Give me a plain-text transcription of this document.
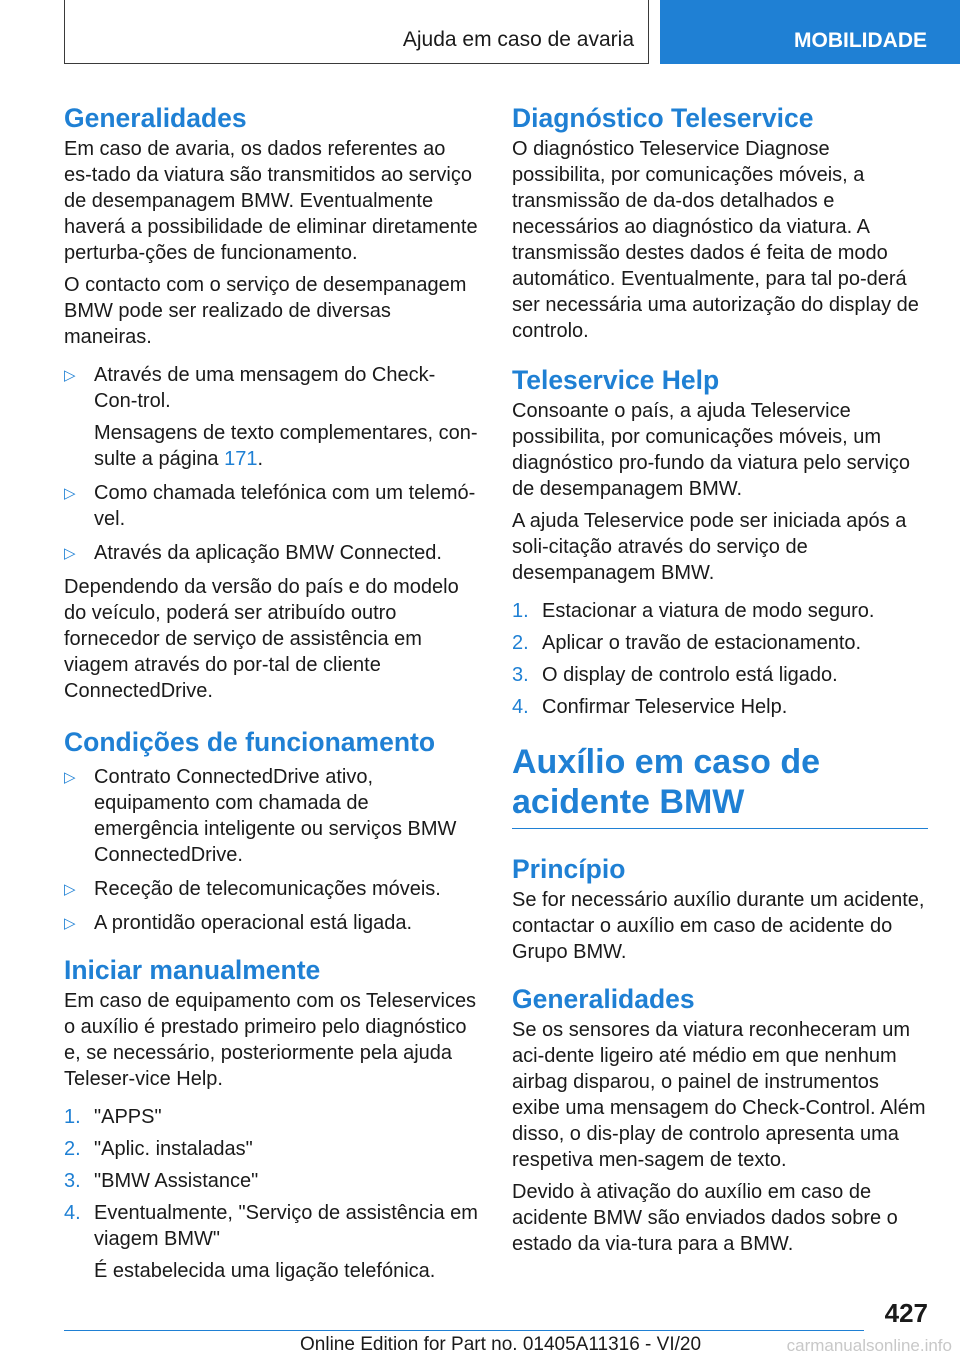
Ajuda em caso de avaria	MOBILIDADE
Generalidades

Em caso de avaria, os dados referentes ao es-tado da viatura são transmitidos ao serviço de desempanagem BMW. Eventualmente haverá a possibilidade de eliminar diretamente perturba-ções de funcionamento.

O contacto com o serviço de desempanagem BMW pode ser realizado de diversas maneiras.

▷ Através de uma mensagem do Check-Con-trol.
Mensagens de texto complementares, con-sulte a página 171.
▷ Como chamada telefónica com um telemó-vel.
▷ Através da aplicação BMW Connected.

Dependendo da versão do país e do modelo do veículo, poderá ser atribuído outro fornecedor de serviço de assistência em viagem através do por-tal de cliente ConnectedDrive.

Condições de funcionamento
▷ Contrato ConnectedDrive ativo, equipamento com chamada de emergência inteligente ou serviços BMW ConnectedDrive.
▷ Receção de telecomunicações móveis.
▷ A prontidão operacional está ligada.
Iniciar manualmente

Em caso de equipamento com os Teleservices o auxílio é prestado primeiro pelo diagnóstico e, se necessário, posteriormente pela ajuda Teleser-vice Help.

1. "APPS"
2. "Aplic. instaladas"
3. "BMW Assistance"
4. Eventualmente, "Serviço de assistência em viagem BMW"
É estabelecida uma ligação telefónica.
Diagnóstico Teleservice

O diagnóstico Teleservice Diagnose possibilita, por comunicações móveis, a transmissão de da-dos detalhados e necessários ao diagnóstico da viatura. A transmissão destes dados é feita de modo automático. Eventualmente, para tal po-derá ser necessária uma autorização do display de controlo.

Teleservice Help

Consoante o país, a ajuda Teleservice possibilita, por comunicações móveis, um diagnóstico pro-fundo da viatura pelo serviço de desempanagem BMW.

A ajuda Teleservice pode ser iniciada após a soli-citação através do serviço de desempanagem BMW.

1. Estacionar a viatura de modo seguro.
2. Aplicar o travão de estacionamento.
3. O display de controlo está ligado.
4. Confirmar Teleservice Help.
Auxílio em caso de acidente BMW
Princípio

Se for necessário auxílio durante um acidente, contactar o auxílio em caso de acidente do Grupo BMW.

Generalidades

Se os sensores da viatura reconheceram um aci-dente ligeiro até médio em que nenhum airbag disparou, o painel de instrumentos exibe uma mensagem do Check-Control. Além disso, o dis-play de controlo apresenta uma respetiva men-sagem de texto.

Devido à ativação do auxílio em caso de acidente BMW são enviados dados sobre o estado da via-tura para a BMW.

427
Online Edition for Part no. 01405A11316 - VI/20	carmanualsonline.info
